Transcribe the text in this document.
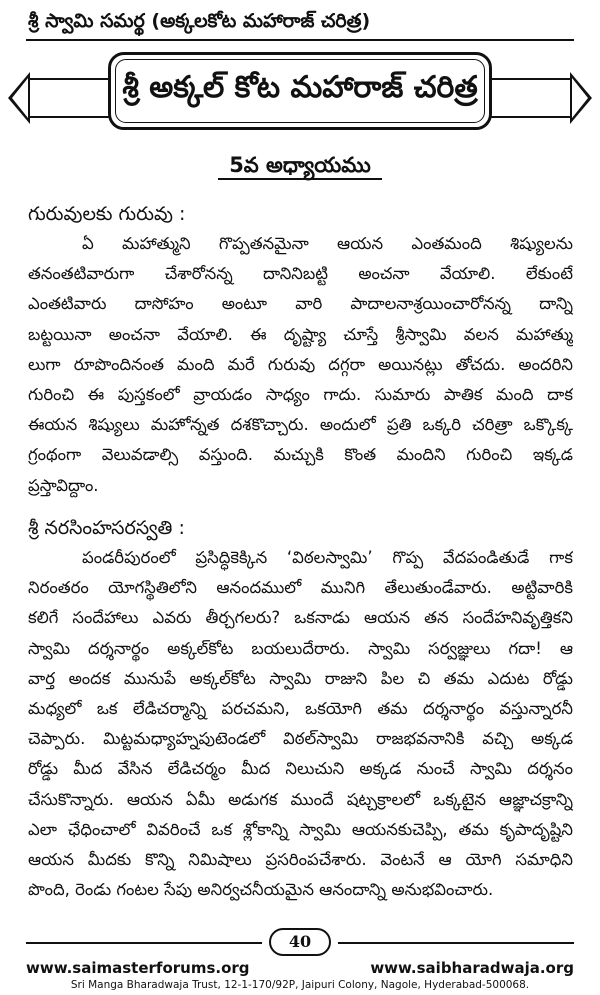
శ్రీ స్వామి సమర్థ (అక్కలకోట మహారాజ్ చరిత్ర)
శ్రీ అక్కల్ కోట మహారాజ్ చరిత్ర
5వ అధ్యాయము
గురువులకు గురువు :
ఏ మహాత్ముని గొప్పతనమైనా ఆయన ఎంతమంది శిష్యులను
తనంతటివారుగా చేశారోనన్న దానినిబట్టి అంచనా వేయాలి. లేకుంటే
ఎంతటివారు దాసోహం అంటూ వారి పాదాలనాశ్రయించారోనన్న దాన్ని
బట్టయినా అంచనా వేయాలి. ఈ దృష్ట్యా చూస్తే శ్రీస్వామి వలన మహాత్ము
లుగా రూపొందినంత మంది మరే గురువు దగ్గరా అయినట్లు తోచదు. అందరిని
గురించి ఈ పుస్తకంలో వ్రాయడం సాధ్యం గాదు. సుమారు పాతిక మంది దాక
ఈయన శిష్యులు మహోన్నత దశకొచ్చారు. అందులో ప్రతి ఒక్కరి చరిత్రా ఒక్కొక్క
గ్రంథంగా వెలువడాల్సి వస్తుంది. మచ్చుకి కొంత మందిని గురించి ఇక్కడ
ప్రస్తావిద్దాం.
శ్రీ నరసింహసరస్వతి :
పండరీపురంలో ప్రసిద్ధికెక్కిన ‘విఠలస్వామి’ గొప్ప వేదపండితుడే గాక
నిరంతరం యోగస్థితిలోని ఆనందములో మునిగి తేలుతుండేవారు. అట్టివారికి
కలిగే సందేహాలు ఎవరు తీర్చగలరు? ఒకనాడు ఆయన తన సందేహనివృత్తికని
స్వామి దర్శనార్థం అక్కల్‌కోట బయలుదేరారు. స్వామి సర్వజ్ఞులు గదా! ఆ
వార్త అందక మునుపే అక్కల్‌కోట స్వామి రాజుని పిల చి తమ ఎదుట రోడ్డు
మధ్యలో ఒక లేడిచర్మాన్ని పరచమని, ఒకయోగి తమ దర్శనార్థం వస్తున్నారనీ
చెప్పారు. మిట్టమధ్యాహ్నపుటెండలో విఠల్‌స్వామి రాజభవనానికి వచ్చి అక్కడ
రోడ్డు మీద వేసిన లేడిచర్మం మీద నిలుచుని అక్కడ నుంచే స్వామి దర్శనం
చేసుకొన్నారు. ఆయన ఏమీ అడుగక ముందే షట్చక్రాలలో ఒక్కటైన ఆజ్ఞాచక్రాన్ని
ఎలా ఛేధించాలో వివరించే ఒక శ్లోకాన్ని స్వామి ఆయనకుచెప్పి, తమ కృపాదృష్టిని
ఆయన మీదకు కొన్ని నిమిషాలు ప్రసరింపచేశారు. వెంటనే ఆ యోగి సమాధిని
పొంది, రెండు గంటల సేపు అనిర్వచనీయమైన ఆనందాన్ని అనుభవించారు.
40
www.saimasterforums.org	www.saibharadwaja.org
Sri Manga Bharadwaja Trust, 12-1-170/92P, Jaipuri Colony, Nagole, Hyderabad-500068.
